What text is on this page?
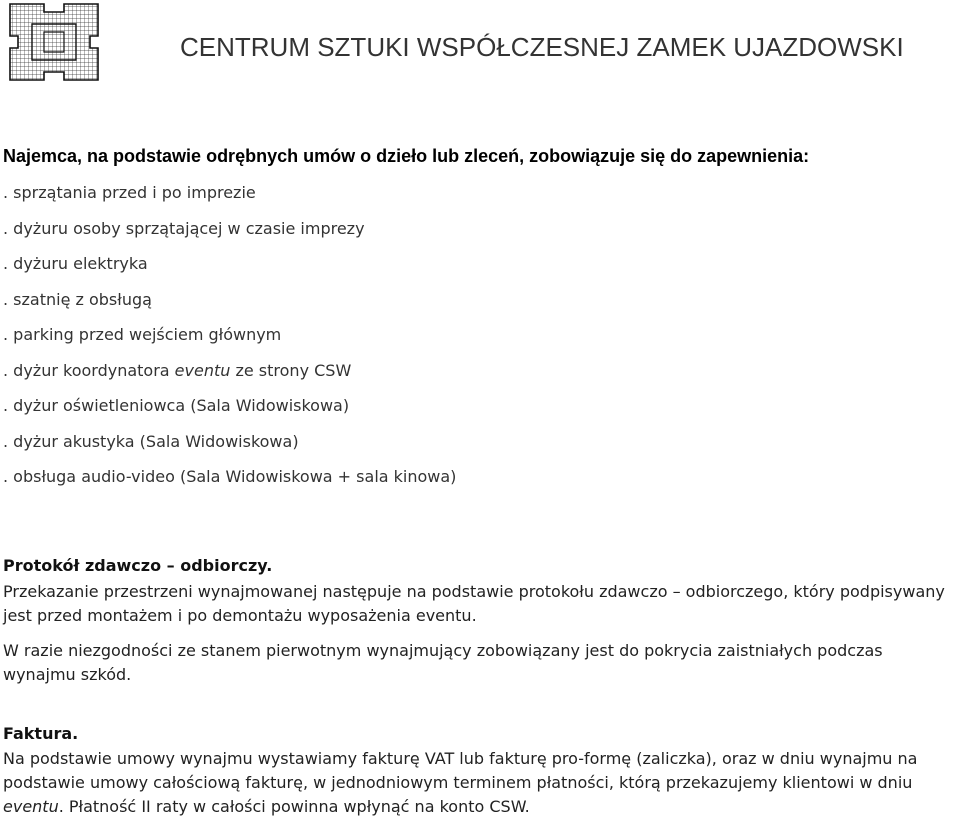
CENTRUM SZTUKI WSPÓŁCZESNEJ ZAMEK UJAZDOWSKI
Najemca, na podstawie odrębnych umów o dzieło lub zleceń, zobowiązuje się do zapewnienia:
. sprzątania przed i po imprezie
. dyżuru osoby sprzątającej w czasie imprezy
. dyżuru elektryka
. szatnię z obsługą
. parking przed wejściem głównym
. dyżur koordynatora eventu ze strony CSW
. dyżur oświetleniowca (Sala Widowiskowa)
. dyżur akustyka (Sala Widowiskowa)
. obsługa audio-video (Sala Widowiskowa + sala kinowa)
Protokół zdawczo – odbiorczy.

Przekazanie przestrzeni wynajmowanej następuje na podstawie protokołu zdawczo – odbiorczego, który podpisywany jest przed montażem i po demontażu wyposażenia eventu.

W razie niezgodności ze stanem pierwotnym wynajmujący zobowiązany jest do pokrycia zaistniałych podczas wynajmu szkód.

Faktura.

Na podstawie umowy wynajmu wystawiamy fakturę VAT lub fakturę pro-formę (zaliczka), oraz w dniu wynajmu na podstawie umowy całościową fakturę, w jednodniowym terminem płatności, którą przekazujemy klientowi w dniu eventu. Płatność II raty w całości powinna wpłynąć na konto CSW.
